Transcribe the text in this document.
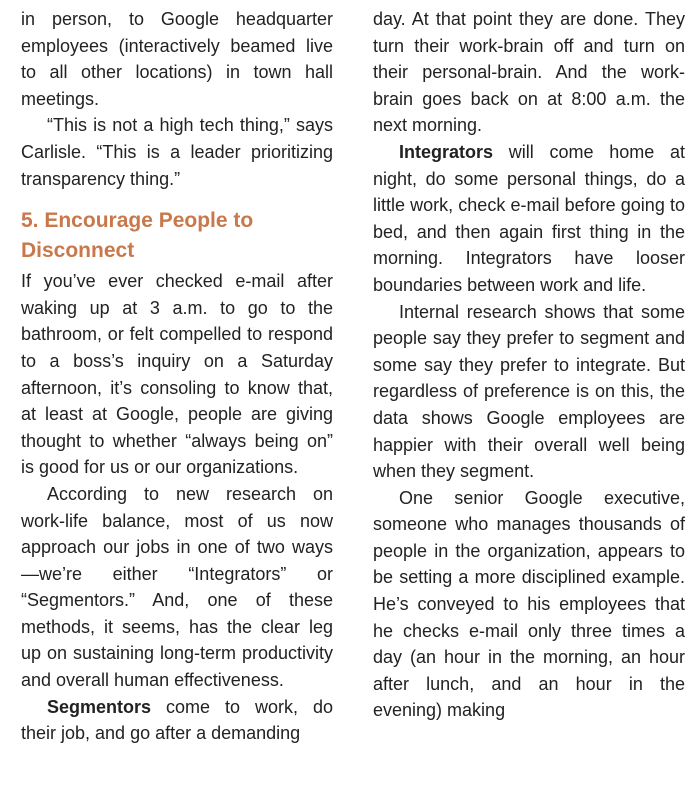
in person, to Google headquarter employees (interactively beamed live to all other locations) in town hall meetings.

“This is not a high tech thing,” says Carlisle. “This is a leader prioritizing transparency thing.”

5. Encourage People to Disconnect

If you’ve ever checked e-mail after waking up at 3 a.m. to go to the bathroom, or felt compelled to respond to a boss’s inquiry on a Saturday afternoon, it’s consoling to know that, at least at Google, people are giving thought to whether “always being on” is good for us or our organizations.

According to new research on work-life balance, most of us now approach our jobs in one of two ways—we’re either “Integrators” or “Segmentors.” And, one of these methods, it seems, has the clear leg up on sustaining long-term productivity and overall human effectiveness.

Segmentors come to work, do their job, and go after a demanding

day. At that point they are done. They turn their work-brain off and turn on their personal-brain. And the work-brain goes back on at 8:00 a.m. the next morning.

Integrators will come home at night, do some personal things, do a little work, check e-mail before going to bed, and then again first thing in the morning. Integrators have looser boundaries between work and life.

Internal research shows that some people say they prefer to segment and some say they prefer to integrate. But regardless of preference is on this, the data shows Google employees are happier with their overall well being when they segment.

One senior Google executive, someone who manages thousands of people in the organization, appears to be setting a more disciplined example. He’s conveyed to his employees that he checks e-mail only three times a day (an hour in the morning, an hour after lunch, and an hour in the evening) making
